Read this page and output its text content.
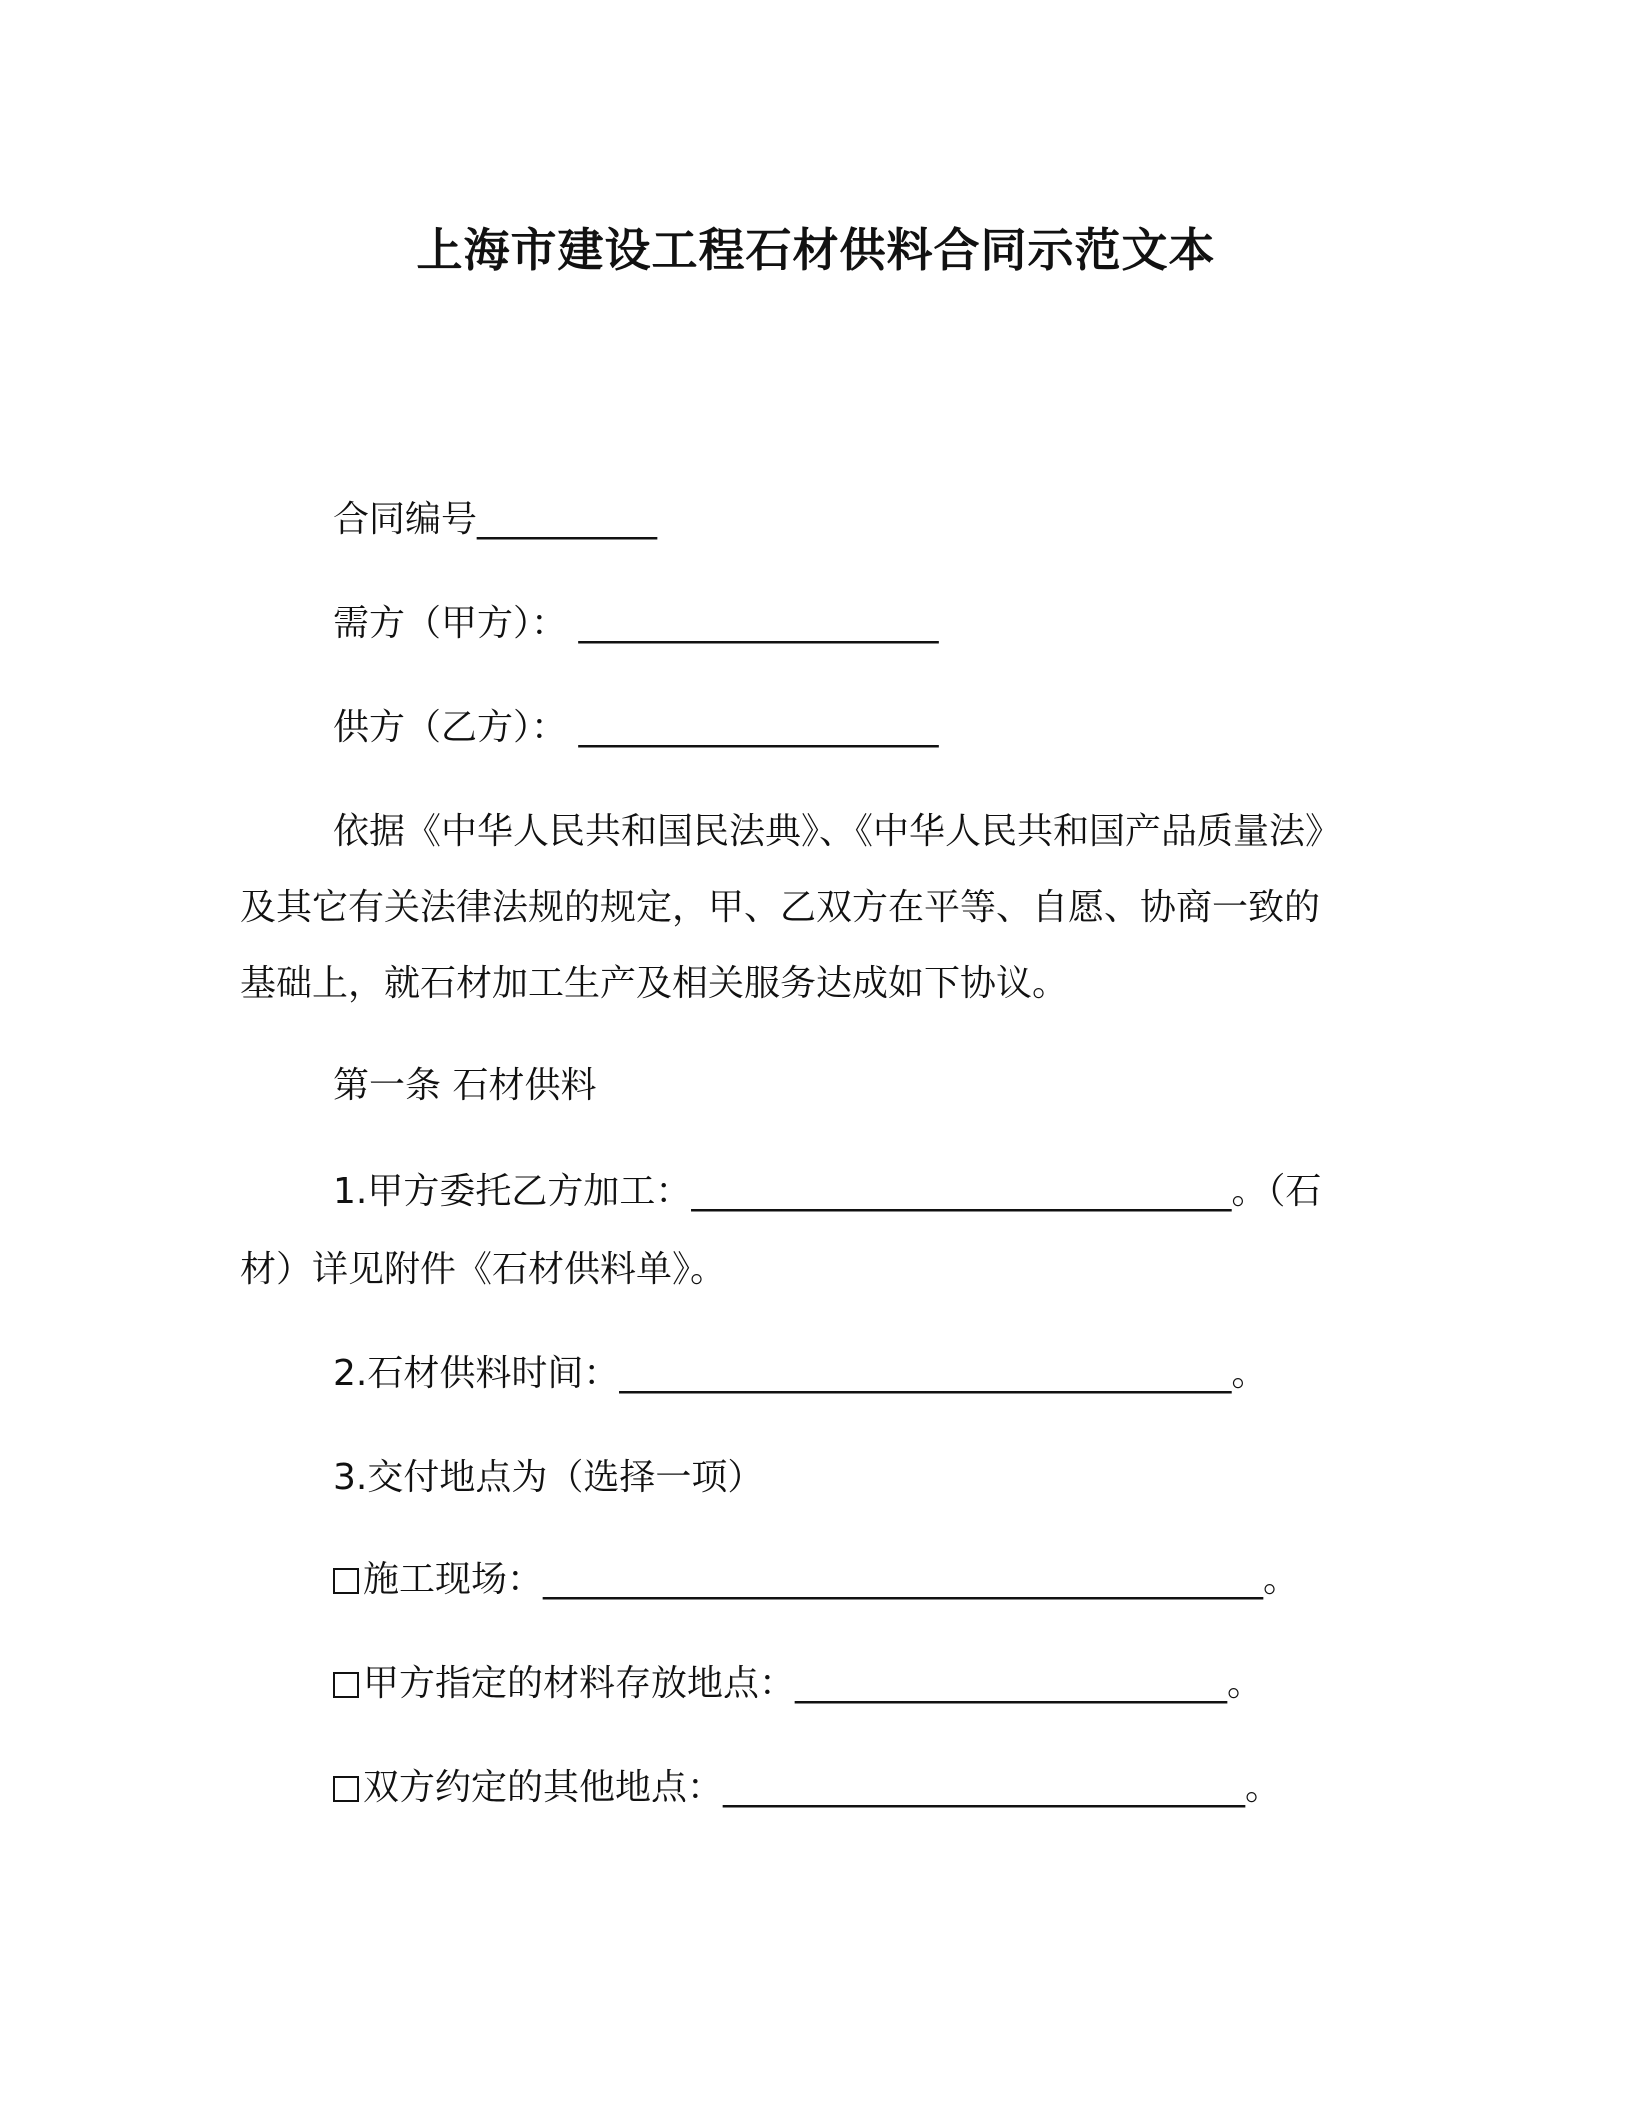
上海市建设工程石材供料合同示范文本

合同编号__________

需方（甲方）： ____________________

供方（乙方）： ____________________

依据《中华人民共和国民法典》、《中华人民共和国产品质量法》
及其它有关法律法规的规定，甲、乙双方在平等、自愿、协商一致的
基础上，就石材加工生产及相关服务达成如下协议。

第一条 石材供料

1.甲方委托乙方加工：______________________________。（石
材）详见附件《石材供料单》。

2.石材供料时间：__________________________________。

3.交付地点为（选择一项）

施工现场：________________________________________。

甲方指定的材料存放地点：________________________。

双方约定的其他地点：_____________________________。
